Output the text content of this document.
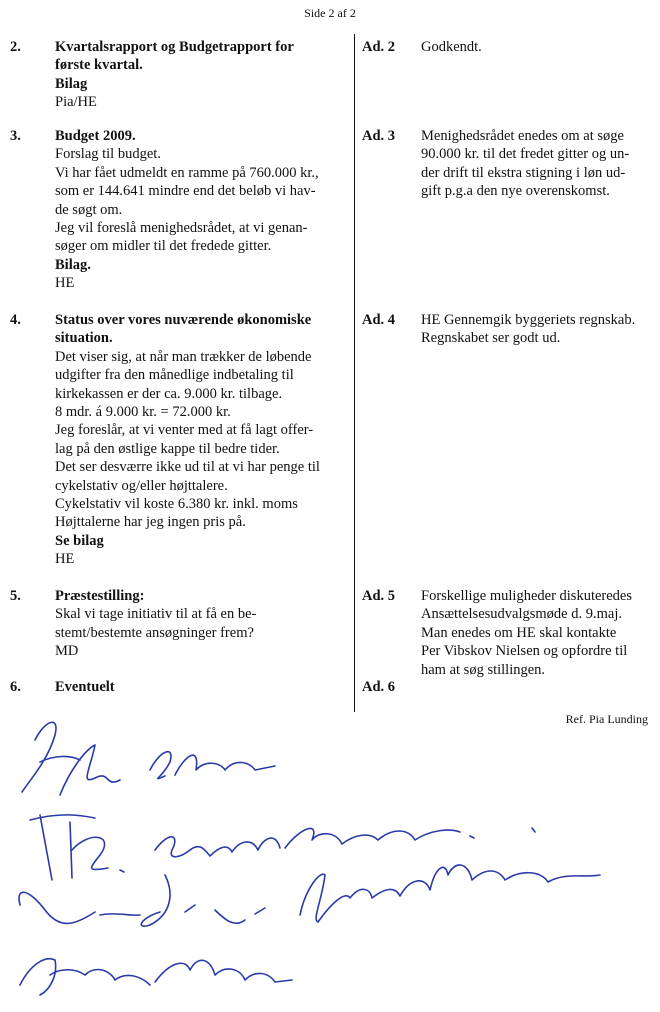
Side 2 af 2
2. Kvartalsrapport og Budgetrapport for
første kvartal.
Bilag
Pia/HE
Ad. 2 Godkendt.
3. Budget 2009.
Forslag til budget.
Vi har fået udmeldt en ramme på 760.000 kr.,
som er 144.641 mindre end det beløb vi hav-
de søgt om.
Jeg vil foreslå menighedsrådet, at vi genan-
søger om midler til det fredede gitter.
Bilag.
HE
Ad. 3 Menighedsrådet enedes om at søge
90.000 kr. til det fredet gitter og un-
der drift til ekstra stigning i løn ud-
gift p.g.a den nye overenskomst.
4. Status over vores nuværende økonomiske
situation.
Det viser sig, at når man trækker de løbende
udgifter fra den månedlige indbetaling til
kirkekassen er der ca. 9.000 kr. tilbage.
8 mdr. á 9.000 kr. = 72.000 kr.
Jeg foreslår, at vi venter med at få lagt offer-
lag på den østlige kappe til bedre tider.
Det ser desværre ikke ud til at vi har penge til
cykelstativ og/eller højttalere.
Cykelstativ vil koste 6.380 kr. inkl. moms
Højttalerne har jeg ingen pris på.
Se bilag
HE
Ad. 4 HE Gennemgik byggeriets regnskab.
Regnskabet ser godt ud.
5. Præstestilling:
Skal vi tage initiativ til at få en be-
stemt/bestemte ansøgninger frem?
MD
Ad. 5 Forskellige muligheder diskuteredes
Ansættelsesudvalgsmøde d. 9.maj.
Man enedes om HE skal kontakte
Per Vibskov Nielsen og opfordre til
ham at søg stillingen.
6. Eventuelt	Ad. 6
Ref. Pia Lunding
